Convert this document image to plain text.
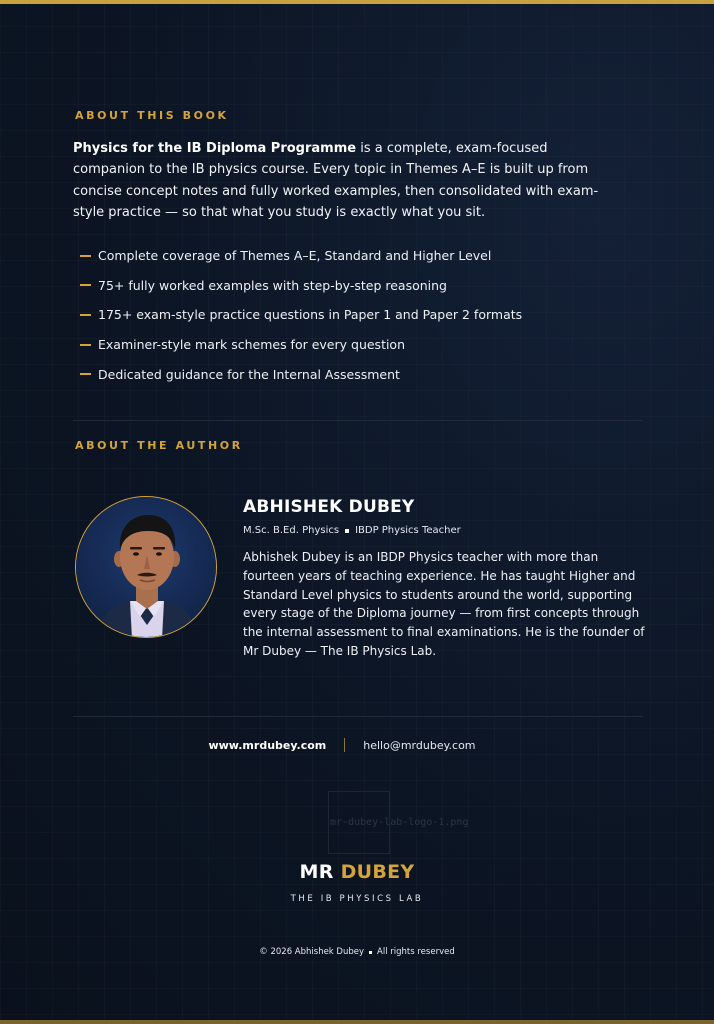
ABOUT THIS BOOK

Physics for the IB Diploma Programme is a complete, exam-focused companion to the IB physics course. Every topic in Themes A–E is built up from concise concept notes and fully worked examples, then consolidated with exam-style practice — so that what you study is exactly what you sit.

Complete coverage of Themes A–E, Standard and Higher Level
75+ fully worked examples with step-by-step reasoning
175+ exam-style practice questions in Paper 1 and Paper 2 formats
Examiner-style mark schemes for every question
Dedicated guidance for the Internal Assessment
ABOUT THE AUTHOR
ABHISHEK DUBEY
M.Sc. B.Ed. Physics IBDP Physics Teacher

Abhishek Dubey is an IBDP Physics teacher with more than fourteen years of teaching experience. He has taught Higher and Standard Level physics to students around the world, supporting every stage of the Diploma journey — from first concepts through the internal assessment to final examinations. He is the founder of Mr Dubey — The IB Physics Lab.

www.mrdubey.com	hello@mrdubey.com
mr-dubey-lab-logo-1.png
MR DUBEY
THE IB PHYSICS LAB
© 2026 Abhishek Dubey All rights reserved
